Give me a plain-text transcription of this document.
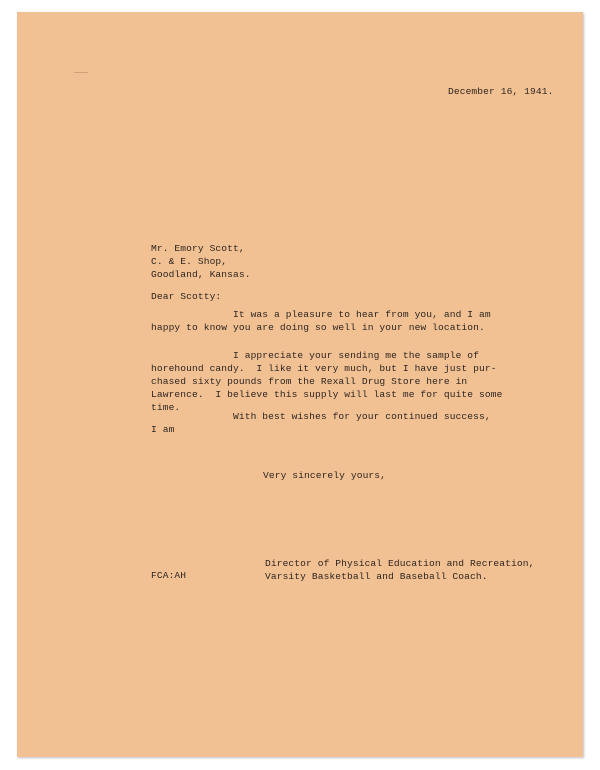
December 16, 1941.
Mr. Emory Scott,
C. & E. Shop,
Goodland, Kansas.
Dear Scotty:
It was a pleasure to hear from you, and I am
happy to know you are doing so well in your new location.
I appreciate your sending me the sample of
horehound candy.  I like it very much, but I have just pur-
chased sixty pounds from the Rexall Drug Store here in
Lawrence.  I believe this supply will last me for quite some
time.
With best wishes for your continued success,
I am
Very sincerely yours,
Director of Physical Education and Recreation,
Varsity Basketball and Baseball Coach.
FCA:AH
